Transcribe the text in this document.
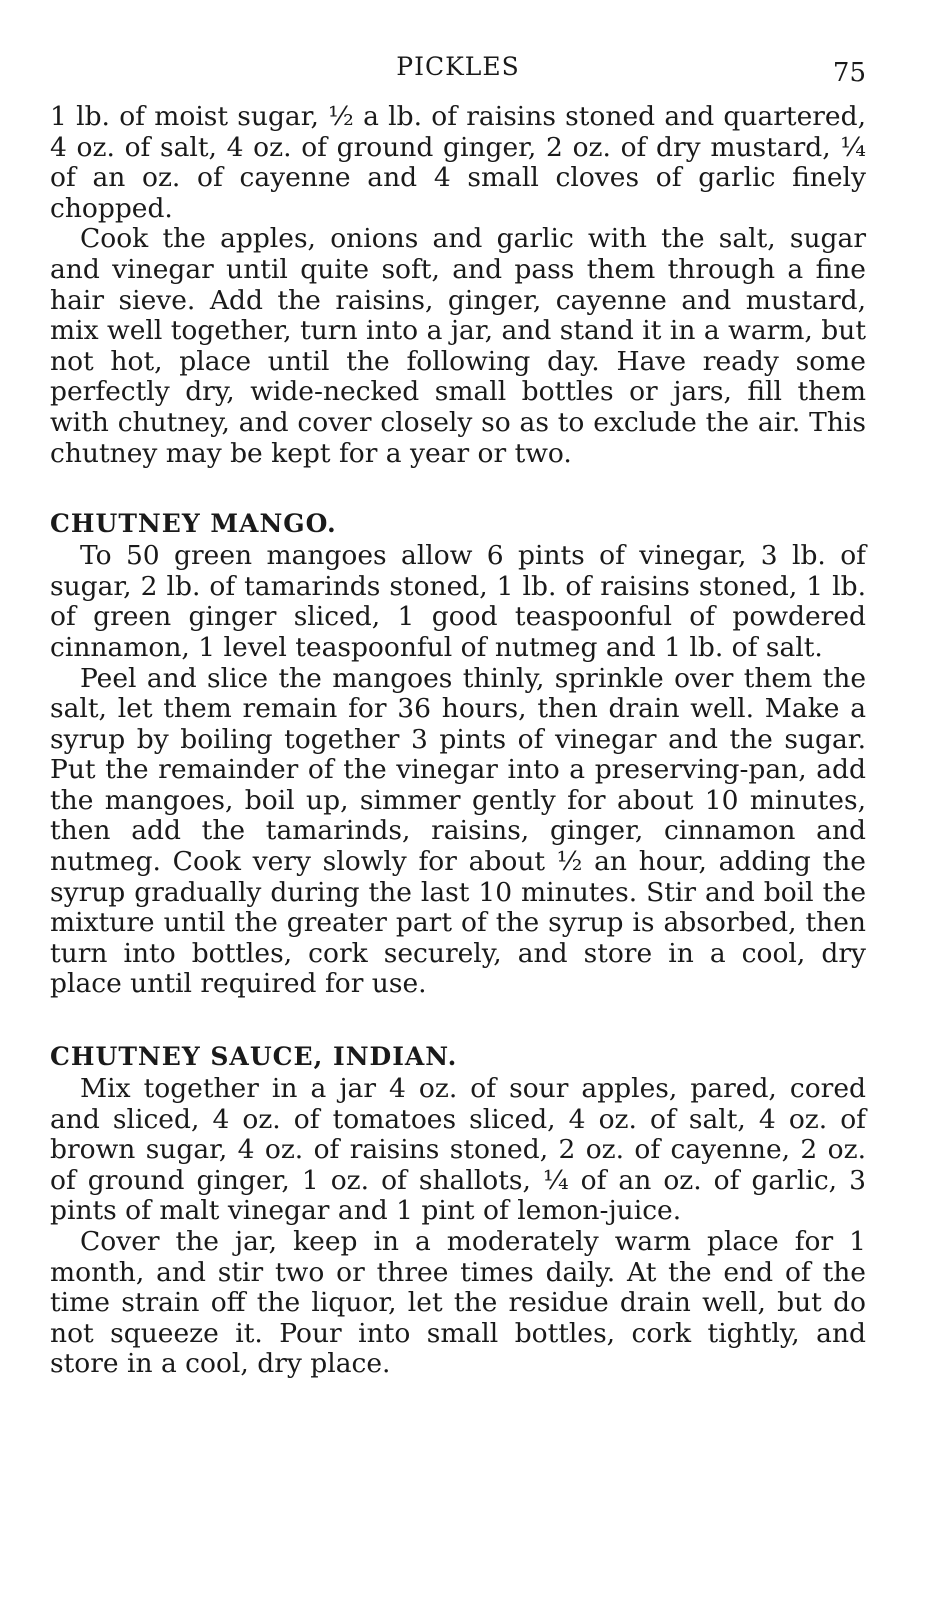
PICKLES	75

1 lb. of moist sugar, ½ a lb. of raisins stoned and quartered, 4 oz. of salt, 4 oz. of ground ginger, 2 oz. of dry mustard, ¼ of an oz. of cayenne and 4 small cloves of garlic finely chopped.

Cook the apples, onions and garlic with the salt, sugar and vinegar until quite soft, and pass them through a fine hair sieve. Add the raisins, ginger, cayenne and mustard, mix well together, turn into a jar, and stand it in a warm, but not hot, place until the following day. Have ready some perfectly dry, wide-necked small bottles or jars, fill them with chutney, and cover closely so as to exclude the air. This chutney may be kept for a year or two.

CHUTNEY MANGO.

To 50 green mangoes allow 6 pints of vinegar, 3 lb. of sugar, 2 lb. of tamarinds stoned, 1 lb. of raisins stoned, 1 lb. of green ginger sliced, 1 good teaspoonful of powdered cinnamon, 1 level teaspoonful of nutmeg and 1 lb. of salt.

Peel and slice the mangoes thinly, sprinkle over them the salt, let them remain for 36 hours, then drain well. Make a syrup by boiling together 3 pints of vinegar and the sugar. Put the remainder of the vinegar into a preserving-pan, add the mangoes, boil up, simmer gently for about 10 minutes, then add the tamarinds, raisins, ginger, cinnamon and nutmeg. Cook very slowly for about ½ an hour, adding the syrup gradually during the last 10 minutes. Stir and boil the mixture until the greater part of the syrup is absorbed, then turn into bottles, cork securely, and store in a cool, dry place until required for use.

CHUTNEY SAUCE, INDIAN.

Mix together in a jar 4 oz. of sour apples, pared, cored and sliced, 4 oz. of tomatoes sliced, 4 oz. of salt, 4 oz. of brown sugar, 4 oz. of raisins stoned, 2 oz. of cayenne, 2 oz. of ground ginger, 1 oz. of shallots, ¼ of an oz. of garlic, 3 pints of malt vinegar and 1 pint of lemon-juice.

Cover the jar, keep in a moderately warm place for 1 month, and stir two or three times daily. At the end of the time strain off the liquor, let the residue drain well, but do not squeeze it. Pour into small bottles, cork tightly, and store in a cool, dry place.
